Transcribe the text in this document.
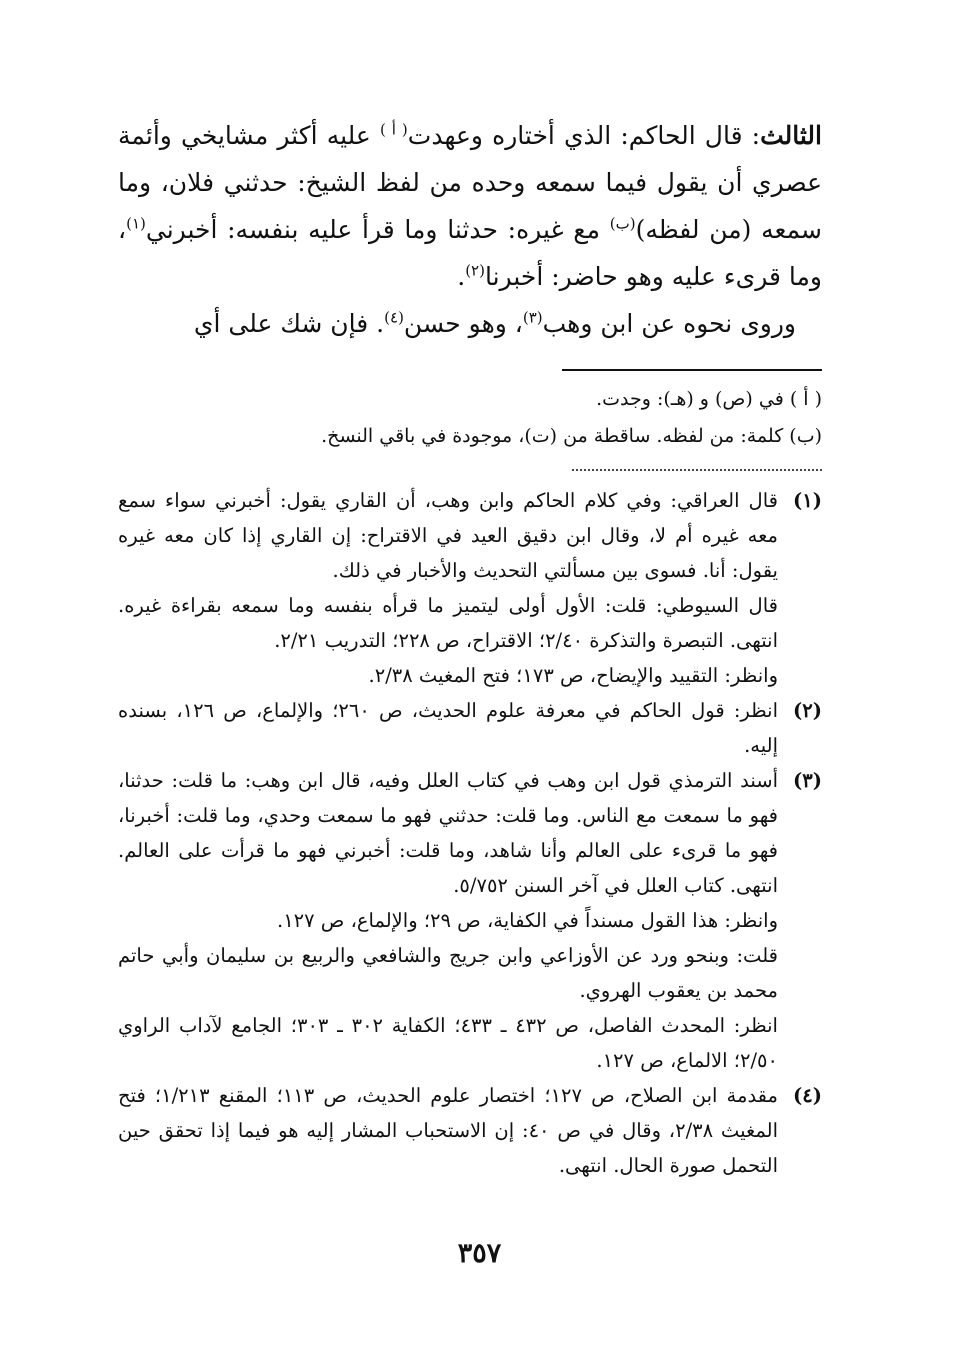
الثالث: قال الحاكم: الذي أختاره وعهدت$^{( أ )}$ عليه أكثر مشايخي وأئمة عصري أن يقول فيما سمعه وحده من لفظ الشيخ: حدثني فلان، وما سمعه (من لفظه)$^{(ب)}$ مع غيره: حدثنا وما قرأ عليه بنفسه: أخبرني$^{(١)}$، وما قرىء عليه وهو حاضر: أخبرنا$^{(٢)}$.

وروى نحوه عن ابن وهب$^{(٣)}$، وهو حسن$^{(٤)}$. فإن شك على أي

( أ ) في (ص) و (هـ): وجدت.

(ب) كلمة: من لفظه. ساقطة من (ت)، موجودة في باقي النسخ.

(١)
قال العراقي: وفي كلام الحاكم وابن وهب، أن القاري يقول: أخبرني سواء سمع معه غيره أم لا، وقال ابن دقيق العيد في الاقتراح: إن القاري إذا كان معه غيره يقول: أنا. فسوى بين مسألتي التحديث والأخبار في ذلك.
قال السيوطي: قلت: الأول أولى ليتميز ما قرأه بنفسه وما سمعه بقراءة غيره. انتهى. التبصرة والتذكرة ٢/٤٠؛ الاقتراح، ص ٢٢٨؛ التدريب ٢/٢١.
وانظر: التقييد والإيضاح، ص ١٧٣؛ فتح المغيث ٢/٣٨.
(٢)
انظر: قول الحاكم في معرفة علوم الحديث، ص ٢٦٠؛ والإلماع، ص ١٢٦، بسنده إليه.
(٣)
أسند الترمذي قول ابن وهب في كتاب العلل وفيه، قال ابن وهب: ما قلت: حدثنا، فهو ما سمعت مع الناس. وما قلت: حدثني فهو ما سمعت وحدي، وما قلت: أخبرنا، فهو ما قرىء على العالم وأنا شاهد، وما قلت: أخبرني فهو ما قرأت على العالم. انتهى. كتاب العلل في آخر السنن ٥/٧٥٢.
وانظر: هذا القول مسنداً في الكفاية، ص ٢٩؛ والإلماع، ص ١٢٧.
قلت: وبنحو ورد عن الأوزاعي وابن جريج والشافعي والربيع بن سليمان وأبي حاتم محمد بن يعقوب الهروي.
انظر: المحدث الفاصل، ص ٤٣٢ ـ ٤٣٣؛ الكفاية ٣٠٢ ـ ٣٠٣؛ الجامع لآداب الراوي ٢/٥٠؛ الالماع، ص ١٢٧.
(٤)
مقدمة ابن الصلاح، ص ١٢٧؛ اختصار علوم الحديث، ص ١١٣؛ المقنع ١/٢١٣؛ فتح المغيث ٢/٣٨، وقال في ص ٤٠: إن الاستحباب المشار إليه هو فيما إذا تحقق حين التحمل صورة الحال. انتهى.
٣٥٧
